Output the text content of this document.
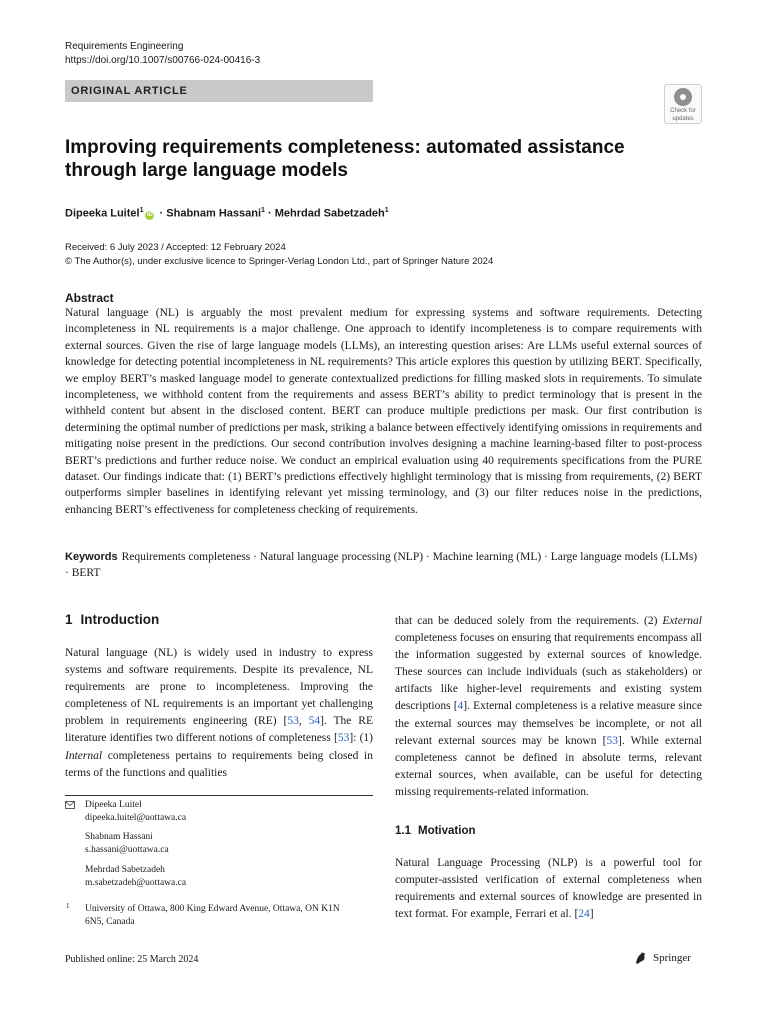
Requirements Engineering
https://doi.org/10.1007/s00766-024-00416-3
ORIGINAL ARTICLE
Check for
updates
Improving requirements completeness: automated assistance through large language models
Dipeeka Luitel$^1$iD · Shabnam Hassani$^1$ · Mehrdad Sabetzadeh$^1$
Received: 6 July 2023 / Accepted: 12 February 2024
© The Author(s), under exclusive licence to Springer-Verlag London Ltd., part of Springer Nature 2024
Abstract

Natural language (NL) is arguably the most prevalent medium for expressing systems and software requirements. Detecting incompleteness in NL requirements is a major challenge. One approach to identify incompleteness is to compare requirements with external sources. Given the rise of large language models (LLMs), an interesting question arises: Are LLMs useful external sources of knowledge for detecting potential incompleteness in NL requirements? This article explores this question by utilizing BERT. Specifically, we employ BERT’s masked language model to generate contextualized predictions for filling masked slots in requirements. To simulate incompleteness, we withhold content from the requirements and assess BERT’s ability to predict terminology that is present in the withheld content but absent in the disclosed content. BERT can produce multiple predictions per mask. Our first contribution is determining the optimal number of predictions per mask, striking a balance between effectively identifying omissions in requirements and mitigating noise present in the predictions. Our second contribution involves designing a machine learning-based filter to post-process BERT’s predictions and further reduce noise. We conduct an empirical evaluation using 40 requirements specifications from the PURE dataset. Our findings indicate that: (1) BERT’s predictions effectively highlight terminology that is missing from requirements, (2) BERT outperforms simpler baselines in identifying relevant yet missing terminology, and (3) our filter reduces noise in the predictions, enhancing BERT’s effectiveness for completeness checking of requirements.

Keywords Requirements completeness · Natural language processing (NLP) · Machine learning (ML) · Large language models (LLMs) · BERT

1 Introduction

Natural language (NL) is widely used in industry to express systems and software requirements. Despite its prevalence, NL requirements are prone to incompleteness. Improving the completeness of NL requirements is an important yet challenging problem in requirements engineering (RE) [53, 54]. The RE literature identifies two different notions of completeness [53]: (1) Internal completeness pertains to requirements being closed in terms of the functions and qualities

that can be deduced solely from the requirements. (2) External completeness focuses on ensuring that requirements encompass all the information suggested by external sources of knowledge. These sources can include individuals (such as stakeholders) or artifacts like higher-level requirements and existing system descriptions [4]. External completeness is a relative measure since the external sources may themselves be incomplete, or not all relevant external sources may be known [53]. While external completeness cannot be defined in absolute terms, relevant external sources, when available, can be useful for detecting missing requirements-related information.

1.1 Motivation

Natural Language Processing (NLP) is a powerful tool for computer-assisted verification of external completeness when requirements and external sources of knowledge are presented in text format. For example, Ferrari et al. [24]

Dipeeka Luitel
dipeeka.luitel@uottawa.ca
Shabnam Hassani
s.hassani@uottawa.ca
Mehrdad Sabetzadeh
m.sabetzadeh@uottawa.ca
1 University of Ottawa, 800 King Edward Avenue, Ottawa, ON K1N 6N5, Canada
Published online: 25 March 2024	Springer
